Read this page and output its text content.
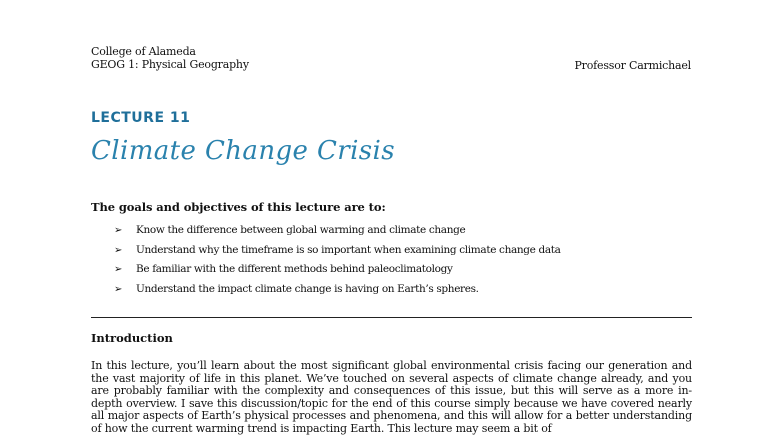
College of Alameda
GEOG 1: Physical Geography	Professor Carmichael
LECTURE 11
Climate Change Crisis
The goals and objectives of this lecture are to:
➢ Know the difference between global warming and climate change
➢ Understand why the timeframe is so important when examining climate change data
➢ Be familiar with the different methods behind paleoclimatology
➢ Understand the impact climate change is having on Earth’s spheres.
Introduction

In this lecture, you’ll learn about the most significant global environmental crisis facing our generation and the vast majority of life in this planet. We’ve touched on several aspects of climate change already, and you are probably familiar with the complexity and consequences of this issue, but this will serve as a more in-depth overview. I save this discussion/topic for the end of this course simply because we have covered nearly all major aspects of Earth’s physical processes and phenomena, and this will allow for a better understanding of how the current warming trend is impacting Earth. This lecture may seem a bit of
